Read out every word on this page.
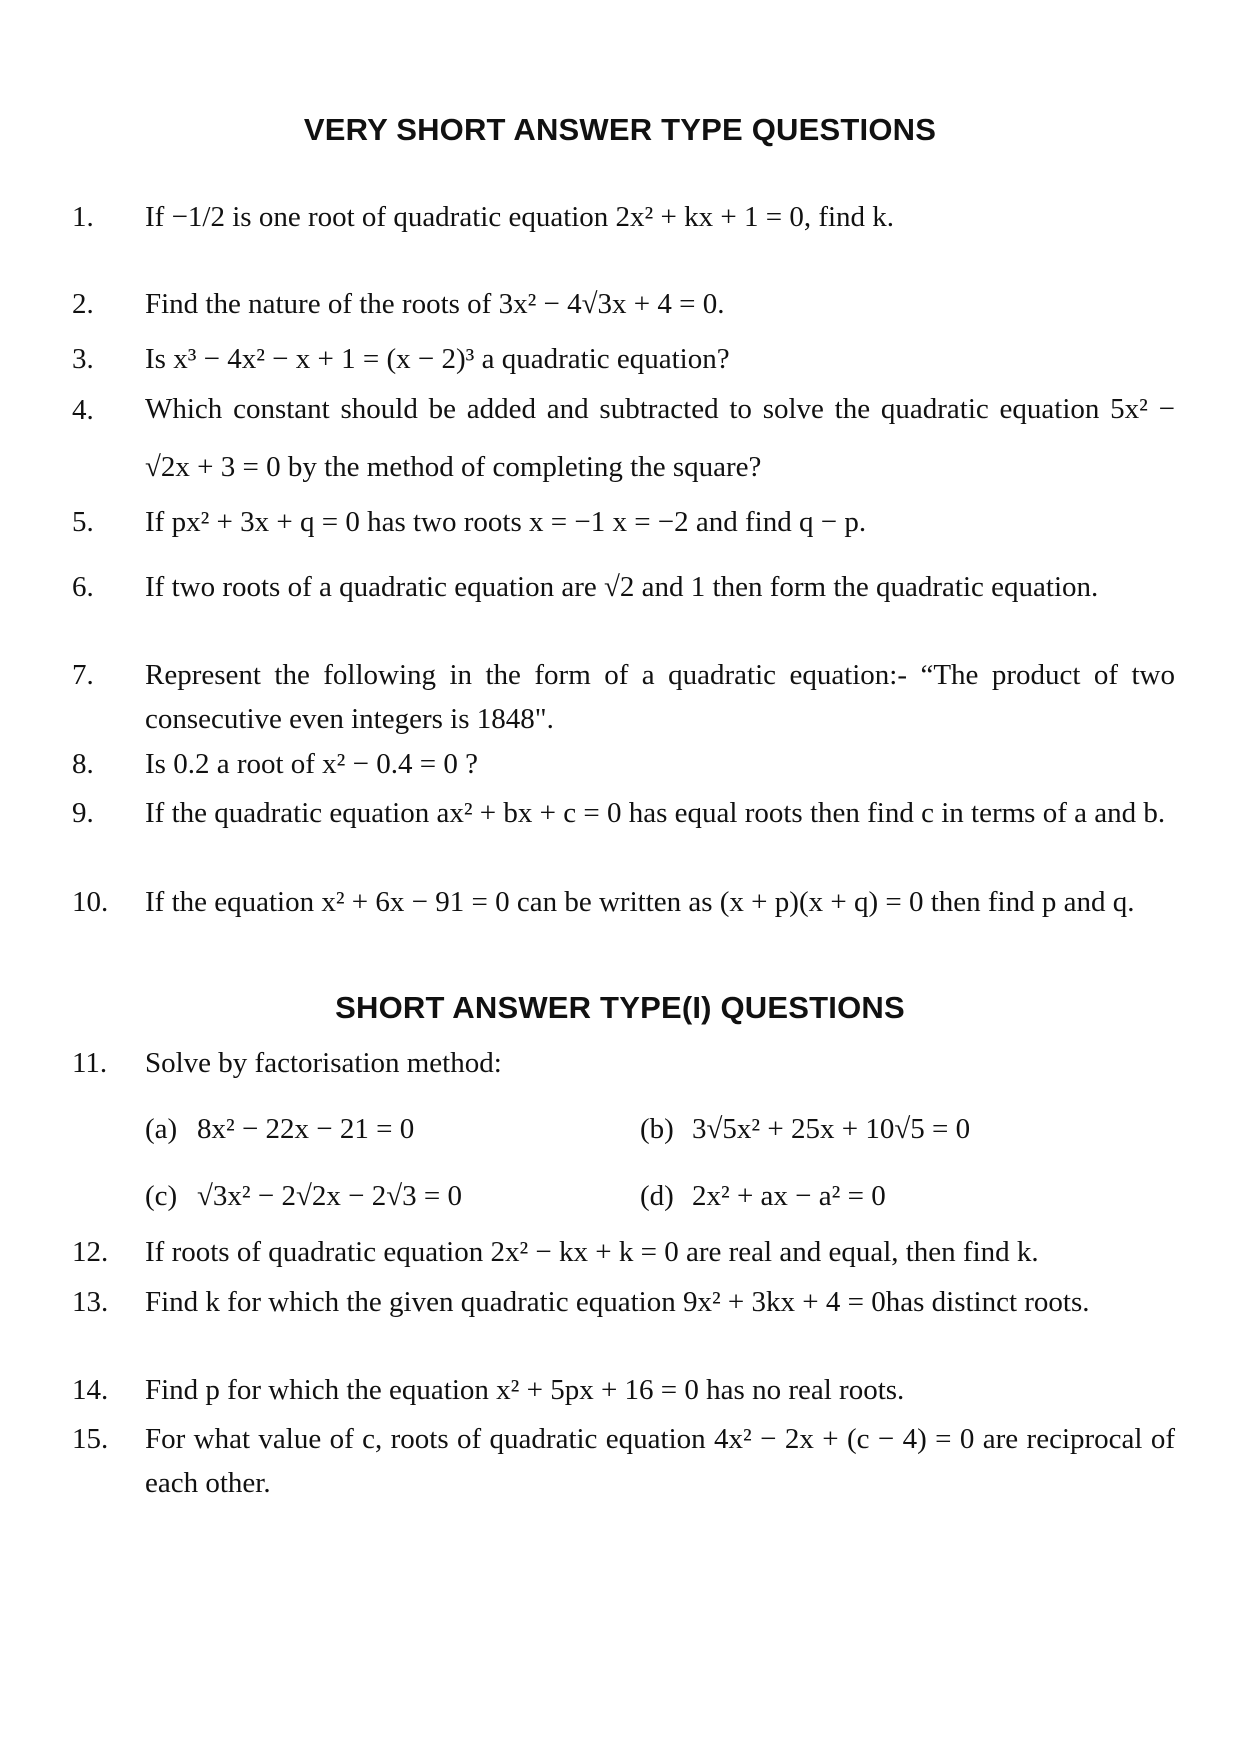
VERY SHORT ANSWER TYPE QUESTIONS
1. If −1/2 is one root of quadratic equation 2x² + kx + 1 = 0, find k.
2. Find the nature of the roots of 3x² − 4√3x + 4 = 0.
3. Is x³ − 4x² − x + 1 = (x − 2)³ a quadratic equation?
4. Which constant should be added and subtracted to solve the quadratic equation 5x² − √2x + 3 = 0 by the method of completing the square?
5. If px² + 3x + q = 0 has two roots x = −1 x = −2 and find q − p.
6. If two roots of a quadratic equation are √2 and 1 then form the quadratic equation.
7. Represent the following in the form of a quadratic equation:- “The product of two consecutive even integers is 1848".
8. Is 0.2 a root of x² − 0.4 = 0 ?
9. If the quadratic equation ax² + bx + c = 0 has equal roots then find c in terms of a and b.
10. If the equation x² + 6x − 91 = 0 can be written as (x + p)(x + q) = 0 then find p and q.
SHORT ANSWER TYPE(I) QUESTIONS
11. Solve by factorisation method:
(a) 8x² − 22x − 21 = 0	(b) 3√5x² + 25x + 10√5 = 0
(c) √3x² − 2√2x − 2√3 = 0	(d) 2x² + ax − a² = 0
12. If roots of quadratic equation 2x² − kx + k = 0 are real and equal, then find k.
13. Find k for which the given quadratic equation 9x² + 3kx + 4 = 0has distinct roots.
14. Find p for which the equation x² + 5px + 16 = 0 has no real roots.
15. For what value of c, roots of quadratic equation 4x² − 2x + (c − 4) = 0 are reciprocal of each other.
